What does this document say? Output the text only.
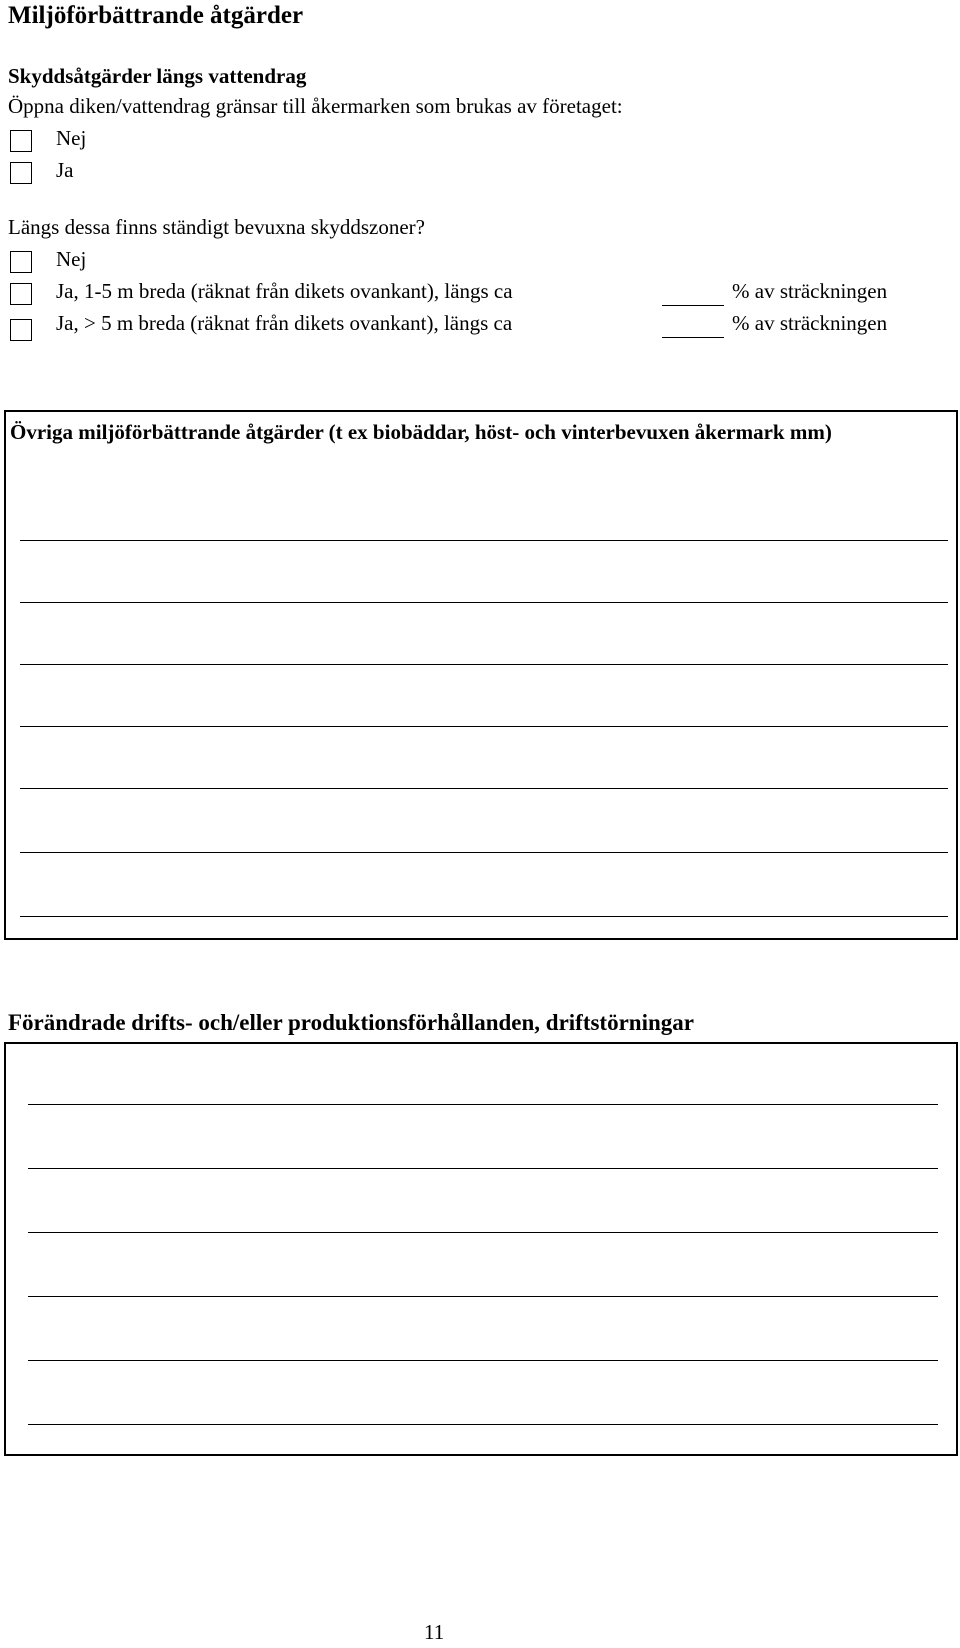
Miljöförbättrande åtgärder
Skyddsåtgärder längs vattendrag
Öppna diken/vattendrag gränsar till åkermarken som brukas av företaget:
Nej
Ja
Längs dessa finns ständigt bevuxna skyddszoner?
Nej
Ja, 1-5 m breda (räknat från dikets ovankant), längs ca	% av sträckningen
Ja, > 5 m breda (räknat från dikets ovankant), längs ca	% av sträckningen
Övriga miljöförbättrande åtgärder (t ex biobäddar, höst- och vinterbevuxen åkermark mm)
Förändrade drifts- och/eller produktionsförhållanden, driftstörningar
11
